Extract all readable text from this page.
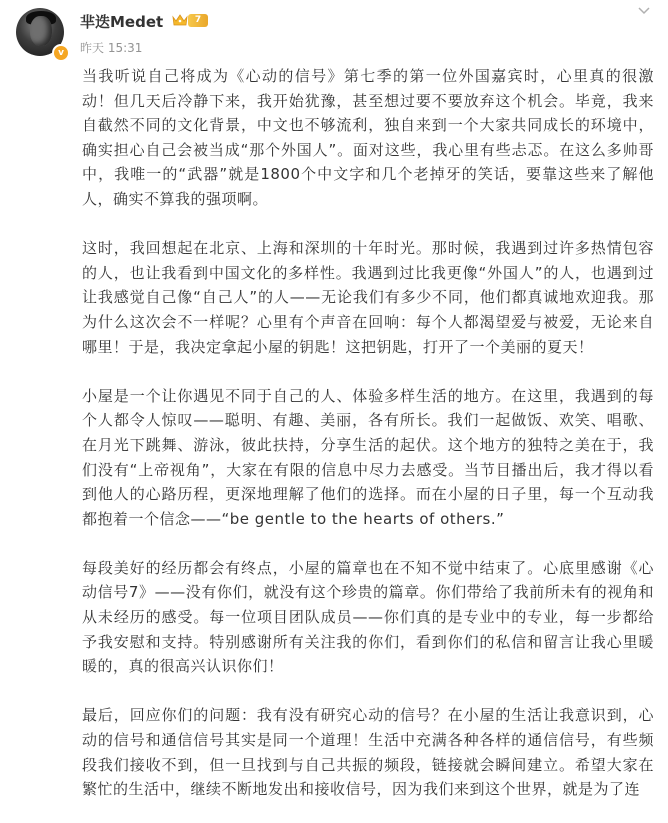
v
芈迭Medet	7
昨天 15:31

当我听说自己将成为《心动的信号》第七季的第一位外国嘉宾时，心里真的很激动！但几天后冷静下来，我开始犹豫，甚至想过要不要放弃这个机会。毕竟，我来自截然不同的文化背景，中文也不够流利，独自来到一个大家共同成长的环境中，确实担心自己会被当成“那个外国人”。面对这些，我心里有些忐忑。在这么多帅哥中，我唯一的“武器”就是1800个中文字和几个老掉牙的笑话，要靠这些来了解他人，确实不算我的强项啊。

这时，我回想起在北京、上海和深圳的十年时光。那时候，我遇到过许多热情包容的人，也让我看到中国文化的多样性。我遇到过比我更像“外国人”的人，也遇到过让我感觉自己像“自己人”的人——无论我们有多少不同，他们都真诚地欢迎我。那为什么这次会不一样呢？心里有个声音在回响：每个人都渴望爱与被爱，无论来自哪里！于是，我决定拿起小屋的钥匙！这把钥匙，打开了一个美丽的夏天！

小屋是一个让你遇见不同于自己的人、体验多样生活的地方。在这里，我遇到的每个人都令人惊叹——聪明、有趣、美丽，各有所长。我们一起做饭、欢笑、唱歌、在月光下跳舞、游泳，彼此扶持，分享生活的起伏。这个地方的独特之美在于，我们没有“上帝视角”，大家在有限的信息中尽力去感受。当节目播出后，我才得以看到他人的心路历程，更深地理解了他们的选择。而在小屋的日子里，每一个互动我都抱着一个信念——“be gentle to the hearts of others.”

每段美好的经历都会有终点，小屋的篇章也在不知不觉中结束了。心底里感谢《心动信号7》——没有你们，就没有这个珍贵的篇章。你们带给了我前所未有的视角和从未经历的感受。每一位项目团队成员——你们真的是专业中的专业，每一步都给予我安慰和支持。特别感谢所有关注我的你们，看到你们的私信和留言让我心里暖暖的，真的很高兴认识你们！

最后，回应你们的问题：我有没有研究心动的信号？在小屋的生活让我意识到，心动的信号和通信信号其实是同一个道理！生活中充满各种各样的通信信号，有些频段我们接收不到，但一旦找到与自己共振的频段，链接就会瞬间建立。希望大家在繁忙的生活中，继续不断地发出和接收信号，因为我们来到这个世界，就是为了连
